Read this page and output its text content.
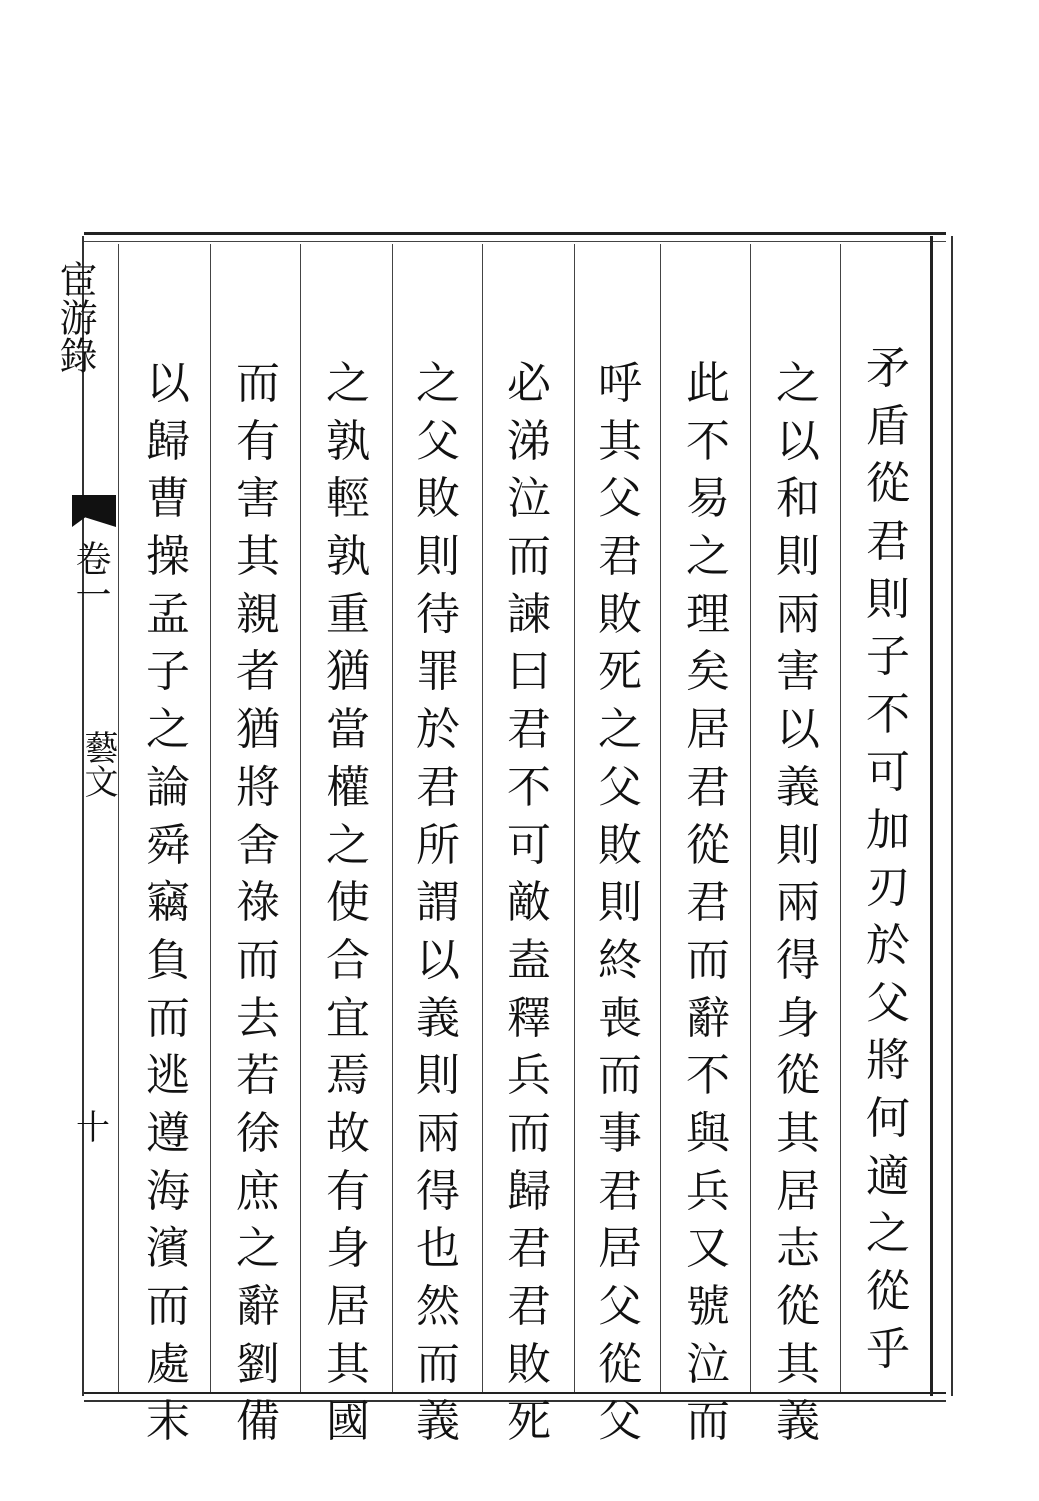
矛
盾
從
君
則
子
不
可
加
刃
於
父
將
何
適
之
從
乎
之
以
和
則
兩
害
以
義
則
兩
得
身
從
其
居
志
從
其
義
此
不
易
之
理
矣
居
君
從
君
而
辭
不
與
兵
又
號
泣
而
呼
其
父
君
敗
死
之
父
敗
則
終
喪
而
事
君
居
父
從
父
必
涕
泣
而
諫
曰
君
不
可
敵
盍
釋
兵
而
歸
君
君
敗
死
之
父
敗
則
待
罪
於
君
所
謂
以
義
則
兩
得
也
然
而
義
之
孰
輕
孰
重
猶
當
權
之
使
合
宜
焉
故
有
身
居
其
國
而
有
害
其
親
者
猶
將
舍
祿
而
去
若
徐
庶
之
辭
劉
備
以
歸
曹
操
孟
子
之
論
舜
竊
負
而
逃
遵
海
濱
而
處
末
宦游錄
卷一
藝文
十
